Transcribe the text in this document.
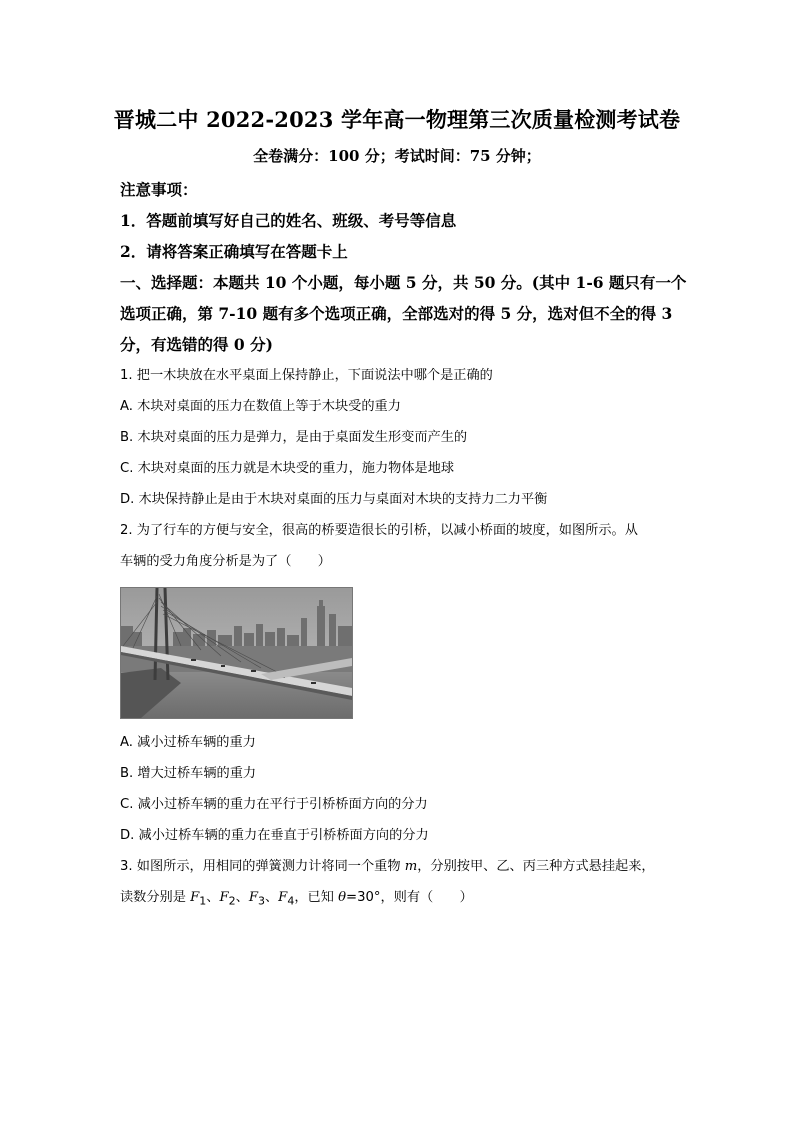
晋城二中 2022-2023 学年高一物理第三次质量检测考试卷
全卷满分：100 分；考试时间：75 分钟；
注意事项：
1．答题前填写好自己的姓名、班级、考号等信息
2．请将答案正确填写在答题卡上
一、选择题：本题共 10 个小题，每小题 5 分，共 50 分。(其中 1-6 题只有一个
选项正确，第 7-10 题有多个选项正确，全部选对的得 5 分，选对但不全的得 3
分，有选错的得 0 分)
1. 把一木块放在水平桌面上保持静止，下面说法中哪个是正确的
A. 木块对桌面的压力在数值上等于木块受的重力
B. 木块对桌面的压力是弹力，是由于桌面发生形变而产生的
C. 木块对桌面的压力就是木块受的重力，施力物体是地球
D. 木块保持静止是由于木块对桌面的压力与桌面对木块的支持力二力平衡
2. 为了行车的方便与安全，很高的桥要造很长的引桥，以减小桥面的坡度，如图所示。从
车辆的受力角度分析是为了（　　）
A. 减小过桥车辆的重力
B. 增大过桥车辆的重力
C. 减小过桥车辆的重力在平行于引桥桥面方向的分力
D. 减小过桥车辆的重力在垂直于引桥桥面方向的分力
3. 如图所示，用相同的弹簧测力计将同一个重物 m，分别按甲、乙、丙三种方式悬挂起来，
读数分别是 $F_1$、$F_2$、$F_3$、$F_4$，已知 θ=30°，则有（　　）
